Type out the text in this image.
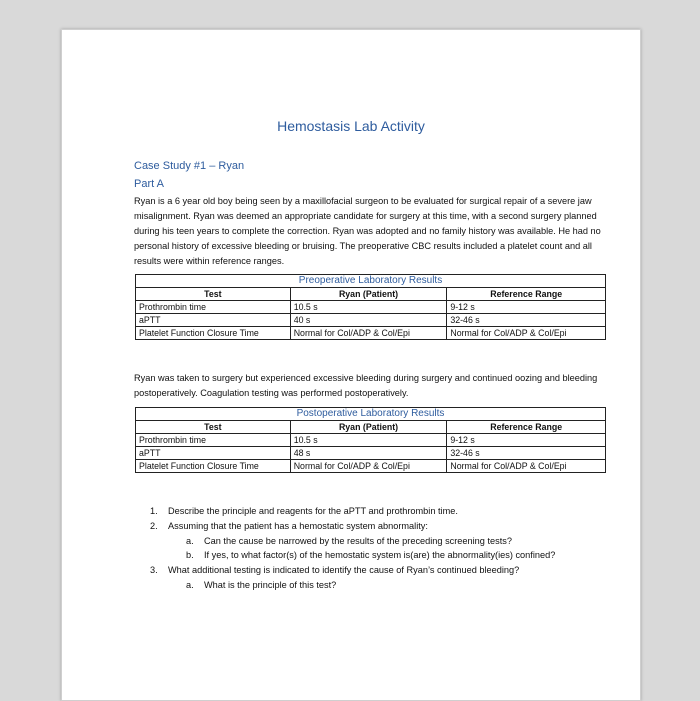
Hemostasis Lab Activity
Case Study #1 – Ryan
Part A
Ryan is a 6 year old boy being seen by a maxillofacial surgeon to be evaluated for surgical repair of a severe jaw misalignment. Ryan was deemed an appropriate candidate for surgery at this time, with a second surgery planned during his teen years to complete the correction. Ryan was adopted and no family history was available. He had no personal history of excessive bleeding or bruising. The preoperative CBC results included a platelet count and all results were within reference ranges.
Preoperative Laboratory Results		
Test	Ryan (Patient)	Reference Range
Prothrombin time	10.5 s	9-12 s
aPTT	40 s	32-46 s
Platelet Function Closure Time	Normal for Col/ADP & Col/Epi	Normal for Col/ADP & Col/Epi
Ryan was taken to surgery but experienced excessive bleeding during surgery and continued oozing and bleeding postoperatively. Coagulation testing was performed postoperatively.
Postoperative Laboratory Results		
Test	Ryan (Patient)	Reference Range
Prothrombin time	10.5 s	9-12 s
aPTT	48 s	32-46 s
Platelet Function Closure Time	Normal for Col/ADP & Col/Epi	Normal for Col/ADP & Col/Epi
1. Describe the principle and reagents for the aPTT and prothrombin time.
2. Assuming that the patient has a hemostatic system abnormality:
a. Can the cause be narrowed by the results of the preceding screening tests?
b. If yes, to what factor(s) of the hemostatic system is(are) the abnormality(ies) confined?
3. What additional testing is indicated to identify the cause of Ryan’s continued bleeding?
a. What is the principle of this test?
